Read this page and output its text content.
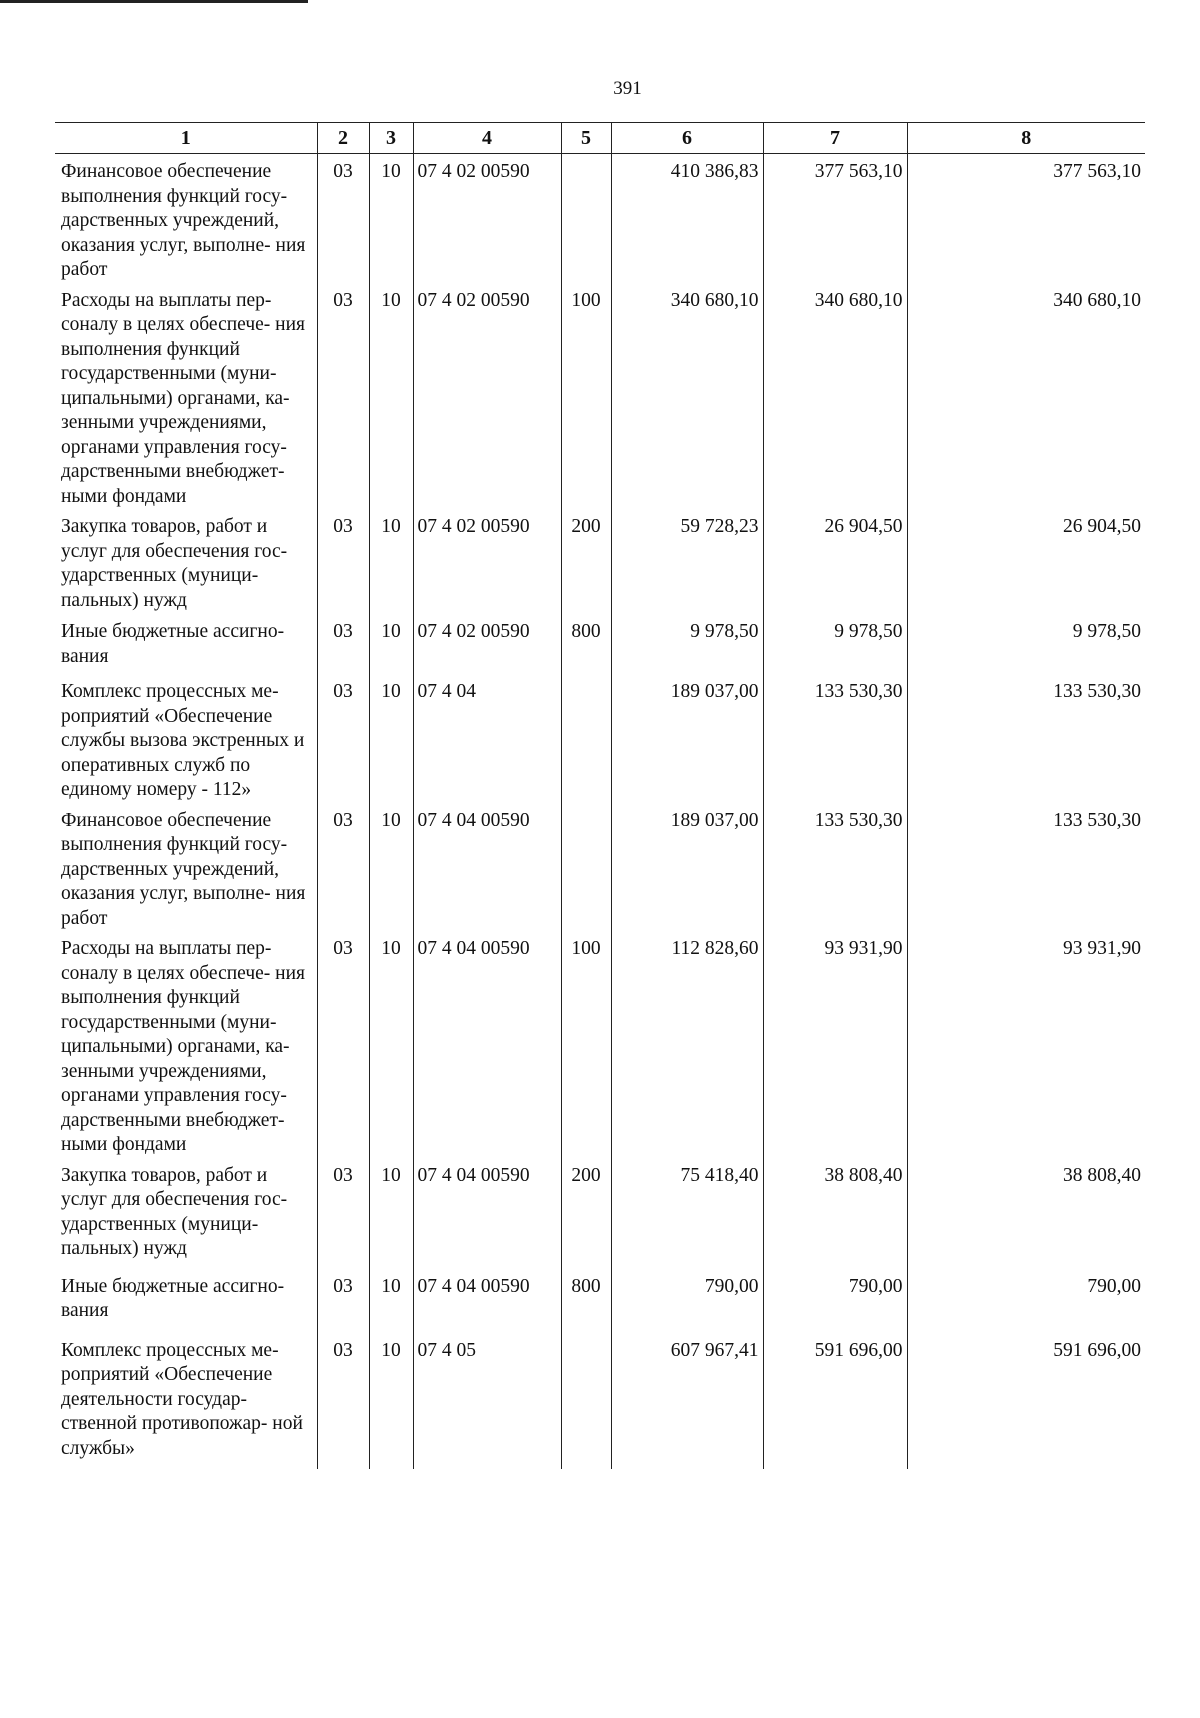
391
1	2	3	4	5	6	7	8
Финансовое обеспечение выполнения функций госу- дарственных учреждений, оказания услуг, выполне- ния работ	03	10	07 4 02 00590		410 386,83	377 563,10	377 563,10
Расходы на выплаты пер- соналу в целях обеспече- ния выполнения функций государственными (муни- ципальными) органами, ка- зенными учреждениями, органами управления госу- дарственными внебюджет- ными фондами	03	10	07 4 02 00590	100	340 680,10	340 680,10	340 680,10
Закупка товаров, работ и услуг для обеспечения гос- ударственных (муници- пальных) нужд	03	10	07 4 02 00590	200	59 728,23	26 904,50	26 904,50
Иные бюджетные ассигно- вания	03	10	07 4 02 00590	800	9 978,50	9 978,50	9 978,50
Комплекс процессных ме- роприятий «Обеспечение службы вызова экстренных и оперативных служб по единому номеру - 112»	03	10	07 4 04		189 037,00	133 530,30	133 530,30
Финансовое обеспечение выполнения функций госу- дарственных учреждений, оказания услуг, выполне- ния работ	03	10	07 4 04 00590		189 037,00	133 530,30	133 530,30
Расходы на выплаты пер- соналу в целях обеспече- ния выполнения функций государственными (муни- ципальными) органами, ка- зенными учреждениями, органами управления госу- дарственными внебюджет- ными фондами	03	10	07 4 04 00590	100	112 828,60	93 931,90	93 931,90
Закупка товаров, работ и услуг для обеспечения гос- ударственных (муници- пальных) нужд	03	10	07 4 04 00590	200	75 418,40	38 808,40	38 808,40
Иные бюджетные ассигно- вания	03	10	07 4 04 00590	800	790,00	790,00	790,00
Комплекс процессных ме- роприятий «Обеспечение деятельности государ- ственной противопожар- ной службы»	03	10	07 4 05		607 967,41	591 696,00	591 696,00
